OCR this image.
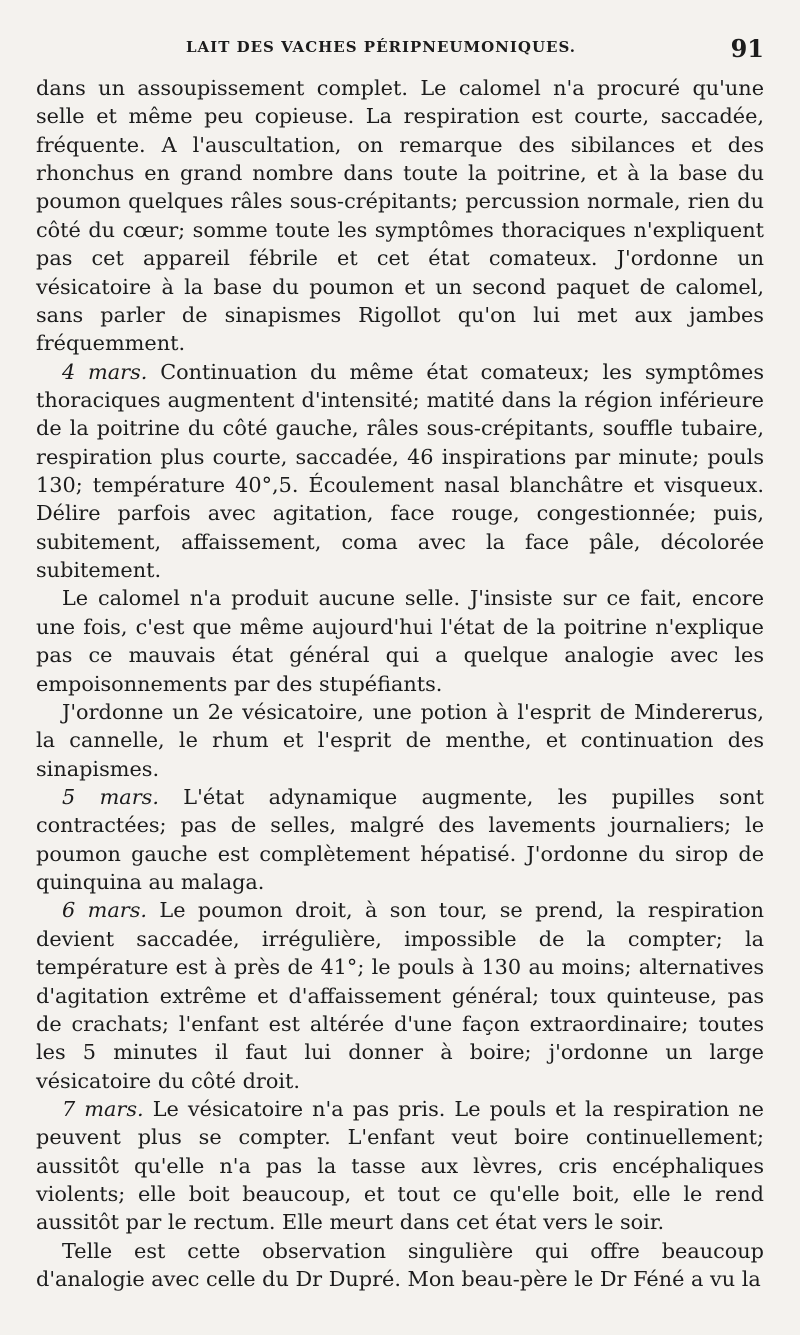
LAIT DES VACHES PÉRIPNEUMONIQUES.	91

dans un assoupissement complet. Le calomel n'a procuré qu'une selle et même peu copieuse. La respiration est courte, saccadée, fréquente. A l'auscultation, on remarque des sibilances et des rhonchus en grand nombre dans toute la poitrine, et à la base du poumon quelques râles sous-crépitants; percussion normale, rien du côté du cœur; somme toute les symptômes thoraciques n'expliquent pas cet appareil fébrile et cet état comateux. J'ordonne un vésicatoire à la base du poumon et un second paquet de calomel, sans parler de sinapismes Rigollot qu'on lui met aux jambes fréquemment.

4 mars. Continuation du même état comateux; les symptômes thoraciques augmentent d'intensité; matité dans la région inférieure de la poitrine du côté gauche, râles sous-crépitants, souffle tubaire, respiration plus courte, saccadée, 46 inspirations par minute; pouls 130; température 40°,5. Écoulement nasal blanchâtre et visqueux. Délire parfois avec agitation, face rouge, congestionnée; puis, subitement, affaissement, coma avec la face pâle, décolorée subitement.

Le calomel n'a produit aucune selle. J'insiste sur ce fait, encore une fois, c'est que même aujourd'hui l'état de la poitrine n'explique pas ce mauvais état général qui a quelque analogie avec les empoisonnements par des stupéfiants.

J'ordonne un 2e vésicatoire, une potion à l'esprit de Mindererus, la cannelle, le rhum et l'esprit de menthe, et continuation des sinapismes.

5 mars. L'état adynamique augmente, les pupilles sont contractées; pas de selles, malgré des lavements journaliers; le poumon gauche est complètement hépatisé. J'ordonne du sirop de quinquina au malaga.

6 mars. Le poumon droit, à son tour, se prend, la respiration devient saccadée, irrégulière, impossible de la compter; la température est à près de 41°; le pouls à 130 au moins; alternatives d'agitation extrême et d'affaissement général; toux quinteuse, pas de crachats; l'enfant est altérée d'une façon extraordinaire; toutes les 5 minutes il faut lui donner à boire; j'ordonne un large vésicatoire du côté droit.

7 mars. Le vésicatoire n'a pas pris. Le pouls et la respiration ne peuvent plus se compter. L'enfant veut boire continuellement; aussitôt qu'elle n'a pas la tasse aux lèvres, cris encéphaliques violents; elle boit beaucoup, et tout ce qu'elle boit, elle le rend aussitôt par le rectum. Elle meurt dans cet état vers le soir.

Telle est cette observation singulière qui offre beaucoup d'analogie avec celle du Dr Dupré. Mon beau-père le Dr Féné a vu la
